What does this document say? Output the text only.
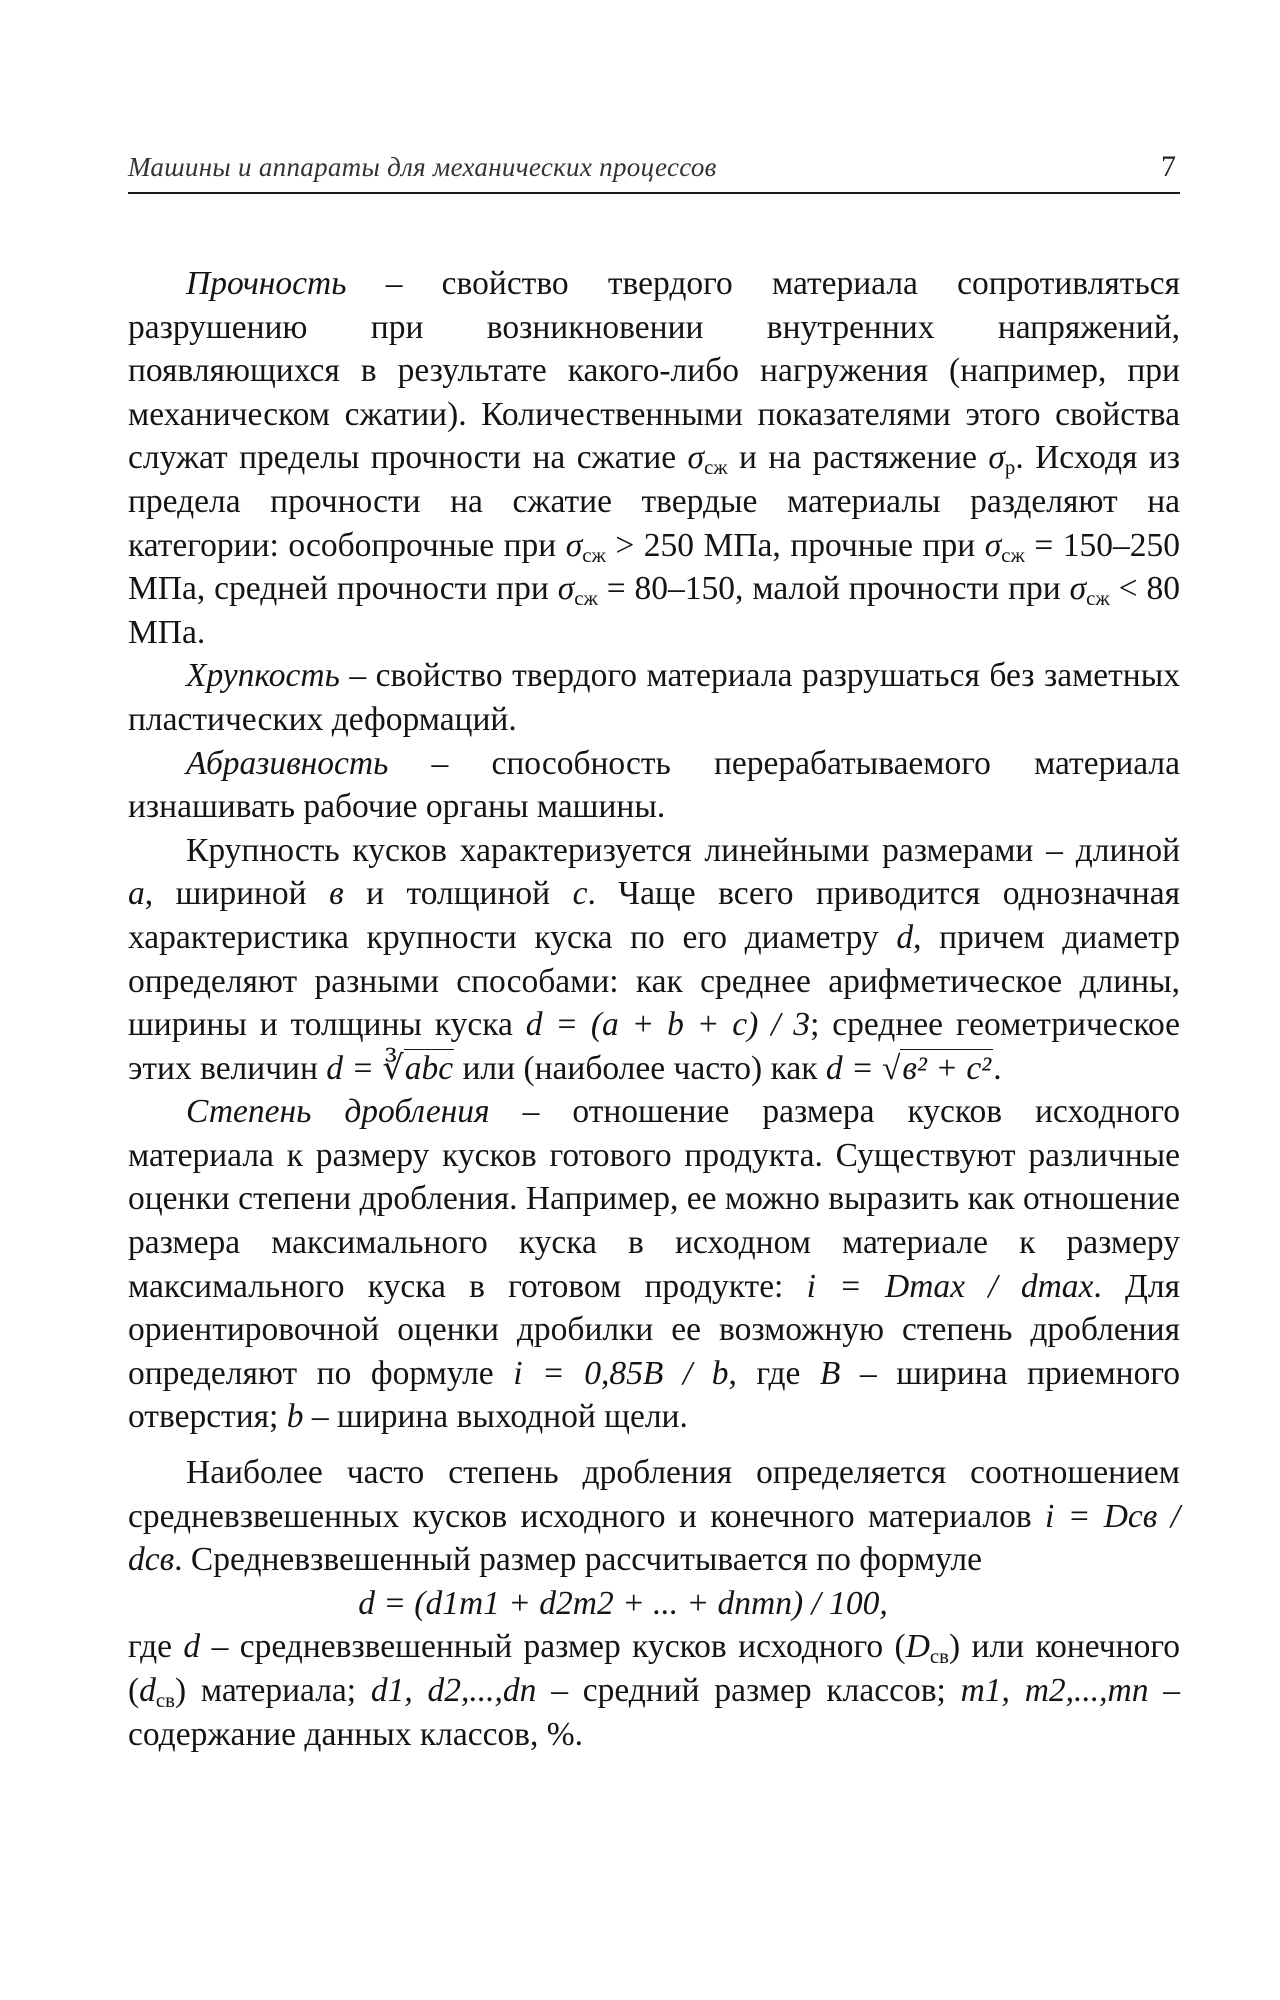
Машины и аппараты для механических процессов	7

Прочность – свойство твердого материала сопротивляться разрушению при возникновении внутренних напряжений, появляющихся в результате какого-либо нагружения (например, при механическом сжатии). Количественными показателями этого свойства служат пределы прочности на сжатие $\sigma_{сж}$ и на растяжение $\sigma_р$. Исходя из предела прочности на сжатие твердые материалы разделяют на категории: особопрочные при $\sigma_{сж} > 250$ МПа, прочные при $\sigma_{сж} = 150-250$ МПа, средней прочности при $\sigma_{сж} = 80-150$, малой прочности при $\sigma_{сж} < 80$ МПа.

Хрупкость – свойство твердого материала разрушаться без заметных пластических деформаций.

Абразивность – способность перерабатываемого материала изнашивать рабочие органы машины.

Крупность кусков характеризуется линейными размерами – длиной a, шириной в и толщиной c. Чаще всего приводится однозначная характеристика крупности куска по его диаметру d, причем диаметр определяют разными способами: как среднее арифметическое длины, ширины и толщины куска d = (a + b + c) / 3; среднее геометрическое этих величин d = ∛abc или (наиболее часто) как d = √в² + c².

Степень дробления – отношение размера кусков исходного материала к размеру кусков готового продукта. Существуют различные оценки степени дробления. Например, ее можно выразить как отношение размера максимального куска в исходном материале к размеру максимального куска в готовом продукте: i = Dmax / dmax. Для ориентировочной оценки дробилки ее возможную степень дробления определяют по формуле i = 0,85B / b, где B – ширина приемного отверстия; b – ширина выходной щели.

Наиболее часто степень дробления определяется соотношением средневзвешенных кусков исходного и конечного материалов i = Dсв / dсв. Средневзвешенный размер рассчитывается по формуле

d = (d1m1 + d2m2 + ... + dnmn) / 100,

где d – средневзвешенный размер кусков исходного $(D_{св})$ или конечного $(d_{св})$ материала; d1, d2,...,dn – средний размер классов; m1, m2,...,mn – содержание данных классов, %.
